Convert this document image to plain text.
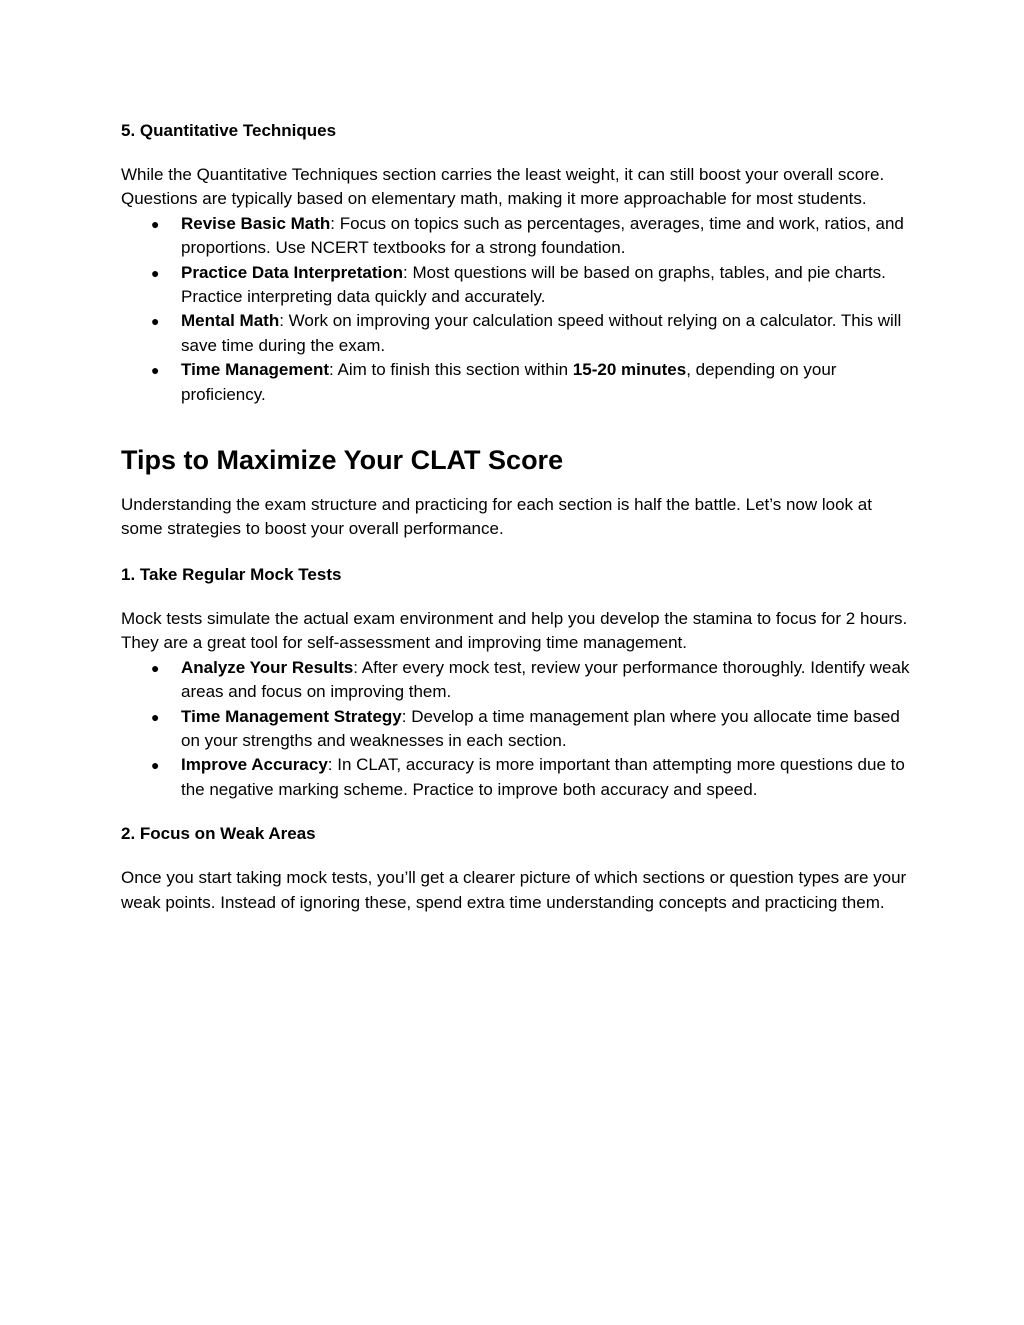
5. Quantitative Techniques

While the Quantitative Techniques section carries the least weight, it can still boost your overall score. Questions are typically based on elementary math, making it more approachable for most students.

● Revise Basic Math: Focus on topics such as percentages, averages, time and work, ratios, and proportions. Use NCERT textbooks for a strong foundation.
● Practice Data Interpretation: Most questions will be based on graphs, tables, and pie charts. Practice interpreting data quickly and accurately.
● Mental Math: Work on improving your calculation speed without relying on a calculator. This will save time during the exam.
● Time Management: Aim to finish this section within 15-20 minutes, depending on your proficiency.
Tips to Maximize Your CLAT Score

Understanding the exam structure and practicing for each section is half the battle. Let’s now look at some strategies to boost your overall performance.

1. Take Regular Mock Tests

Mock tests simulate the actual exam environment and help you develop the stamina to focus for 2 hours. They are a great tool for self-assessment and improving time management.

● Analyze Your Results: After every mock test, review your performance thoroughly. Identify weak areas and focus on improving them.
● Time Management Strategy: Develop a time management plan where you allocate time based on your strengths and weaknesses in each section.
● Improve Accuracy: In CLAT, accuracy is more important than attempting more questions due to the negative marking scheme. Practice to improve both accuracy and speed.

2. Focus on Weak Areas

Once you start taking mock tests, you’ll get a clearer picture of which sections or question types are your weak points. Instead of ignoring these, spend extra time understanding concepts and practicing them.
